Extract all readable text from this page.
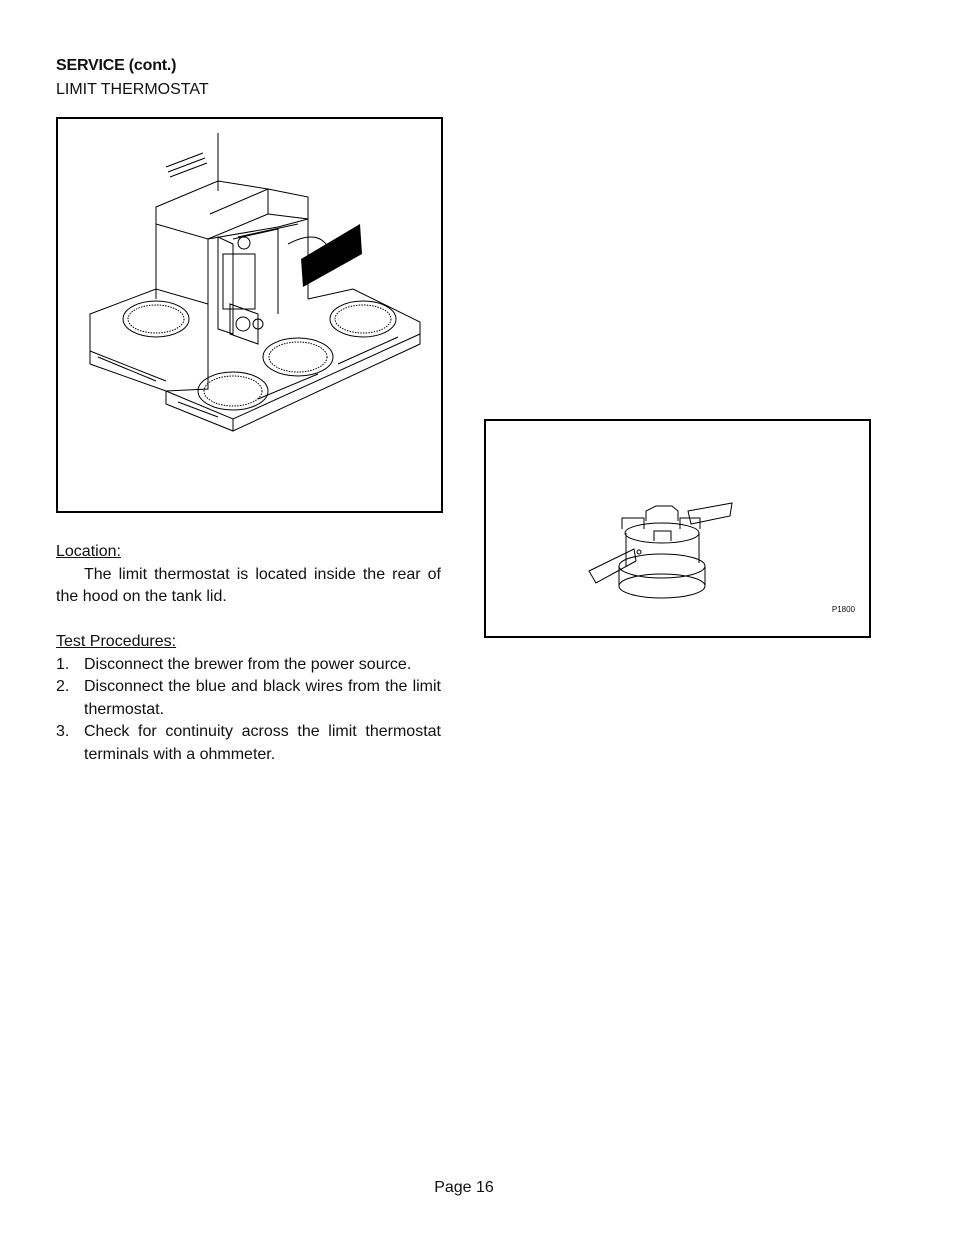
SERVICE (cont.)
LIMIT THERMOSTAT
P1800
Location:
The limit thermostat is located inside the rear of the hood on the tank lid.
Test Procedures:
1. Disconnect the brewer from the power source.
2. Disconnect the blue and black wires from the limit thermostat.
3. Check for continuity across the limit thermostat terminals with a ohmmeter.
Page 16
